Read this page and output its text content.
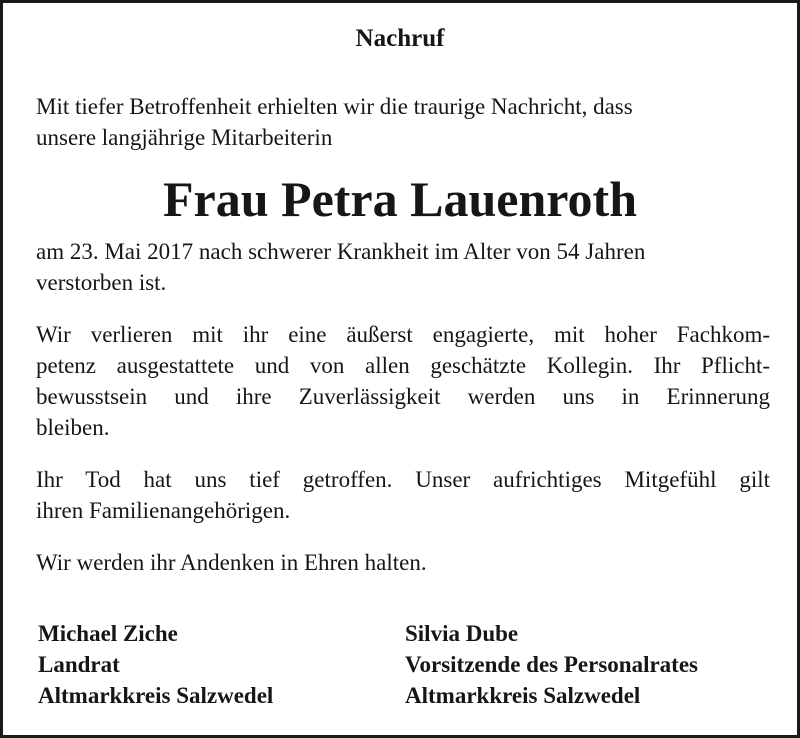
Nachruf

Mit tiefer Betroffenheit erhielten wir die traurige Nachricht, dass
unsere langjährige Mitarbeiterin

Frau Petra Lauenroth

am 23. Mai 2017 nach schwerer Krankheit im Alter von 54 Jahren
verstorben ist.

Wir verlieren mit ihr eine äußerst engagierte, mit hoher Fachkom-
petenz ausgestattete und von allen geschätzte Kollegin. Ihr Pflicht-
bewusstsein und ihre Zuverlässigkeit werden uns in Erinnerung
bleiben.

Ihr Tod hat uns tief getroffen. Unser aufrichtiges Mitgefühl gilt
ihren Familienangehörigen.

Wir werden ihr Andenken in Ehren halten.

Michael Ziche
Landrat
Altmarkkreis Salzwedel
Silvia Dube
Vorsitzende des Personalrates
Altmarkkreis Salzwedel
